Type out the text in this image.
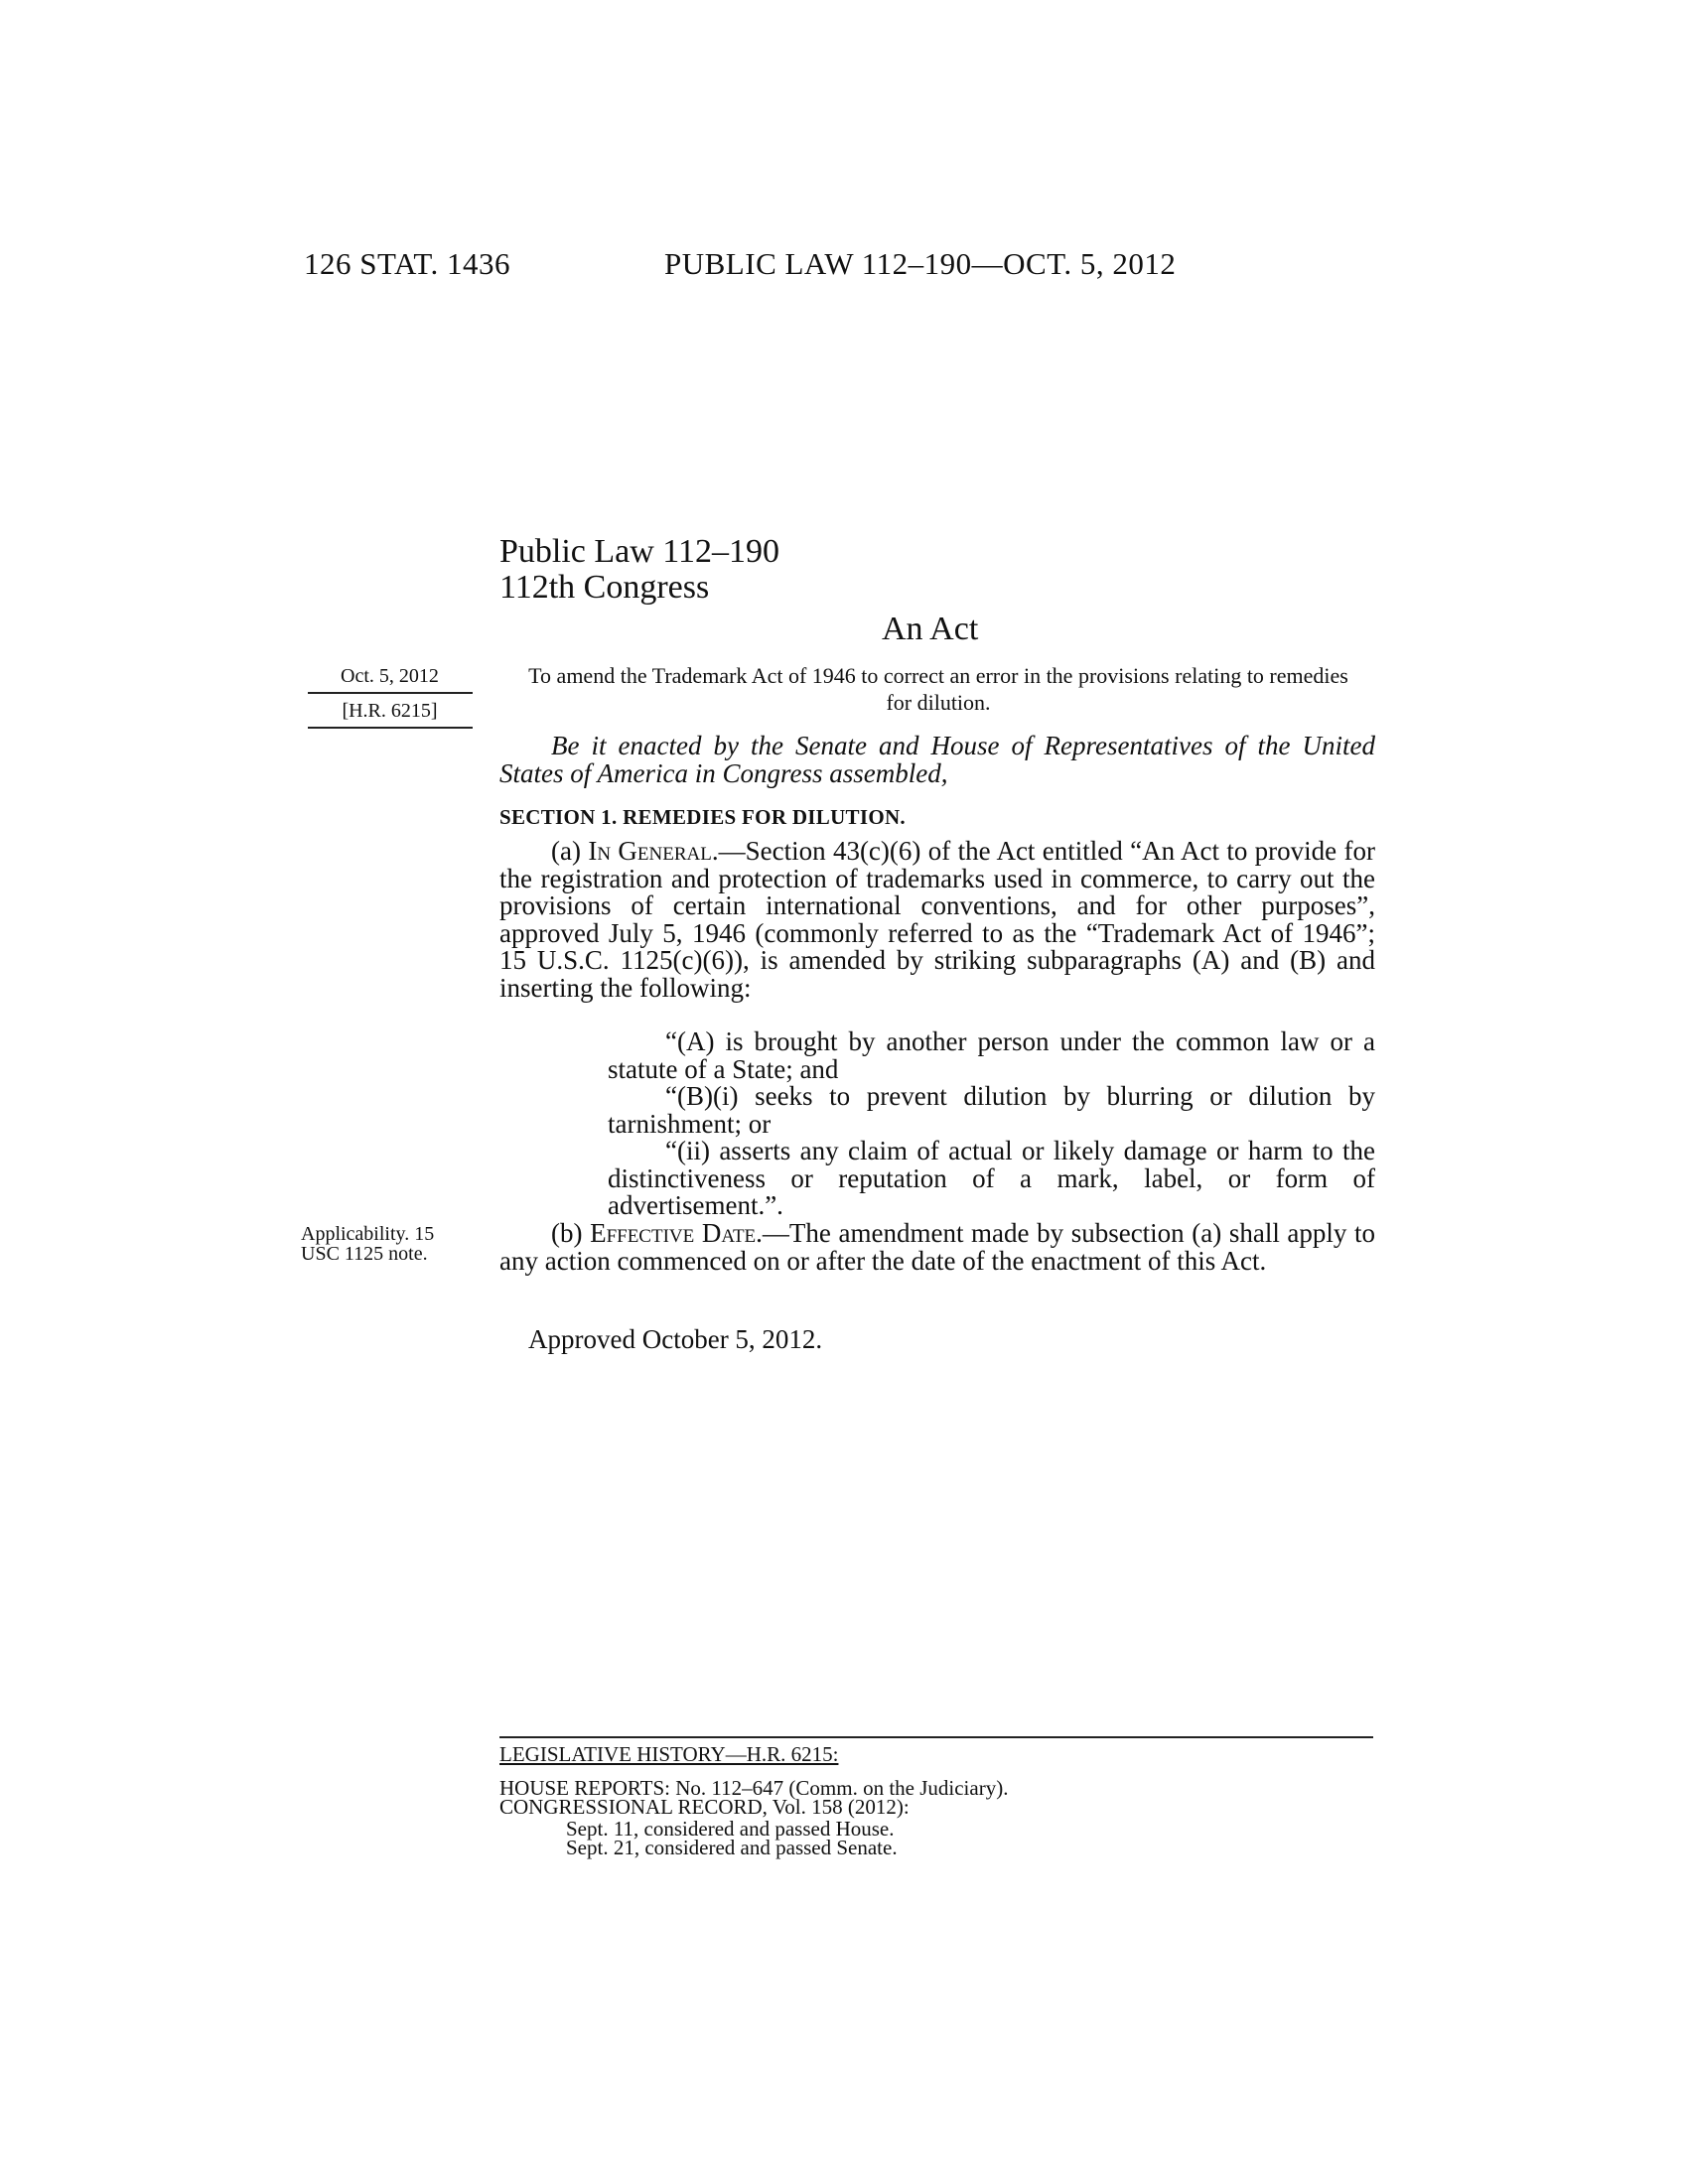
126 STAT. 1436	PUBLIC LAW 112–190—OCT. 5, 2012
Public Law 112–190
112th Congress
An Act
Oct. 5, 2012
[H.R. 6215]
To amend the Trademark Act of 1946 to correct an error in the provisions relating to remedies for dilution.
Be it enacted by the Senate and House of Representatives of the United States of America in Congress assembled,
SECTION 1. REMEDIES FOR DILUTION.
(a) In General.—Section 43(c)(6) of the Act entitled “An Act to provide for the registration and protection of trademarks used in commerce, to carry out the provisions of certain international conventions, and for other purposes”, approved July 5, 1946 (commonly referred to as the “Trademark Act of 1946”; 15 U.S.C. 1125(c)(6)), is amended by striking subparagraphs (A) and (B) and inserting the following:
“(A) is brought by another person under the common law or a statute of a State; and
“(B)(i) seeks to prevent dilution by blurring or dilution by tarnishment; or
“(ii) asserts any claim of actual or likely damage or harm to the distinctiveness or reputation of a mark, label, or form of advertisement.”.
Applicability. 15 USC 1125 note.
(b) Effective Date.—The amendment made by subsection (a) shall apply to any action commenced on or after the date of the enactment of this Act.
Approved October 5, 2012.
LEGISLATIVE HISTORY—H.R. 6215:
HOUSE REPORTS: No. 112–647 (Comm. on the Judiciary).
CONGRESSIONAL RECORD, Vol. 158 (2012):
Sept. 11, considered and passed House.
Sept. 21, considered and passed Senate.
